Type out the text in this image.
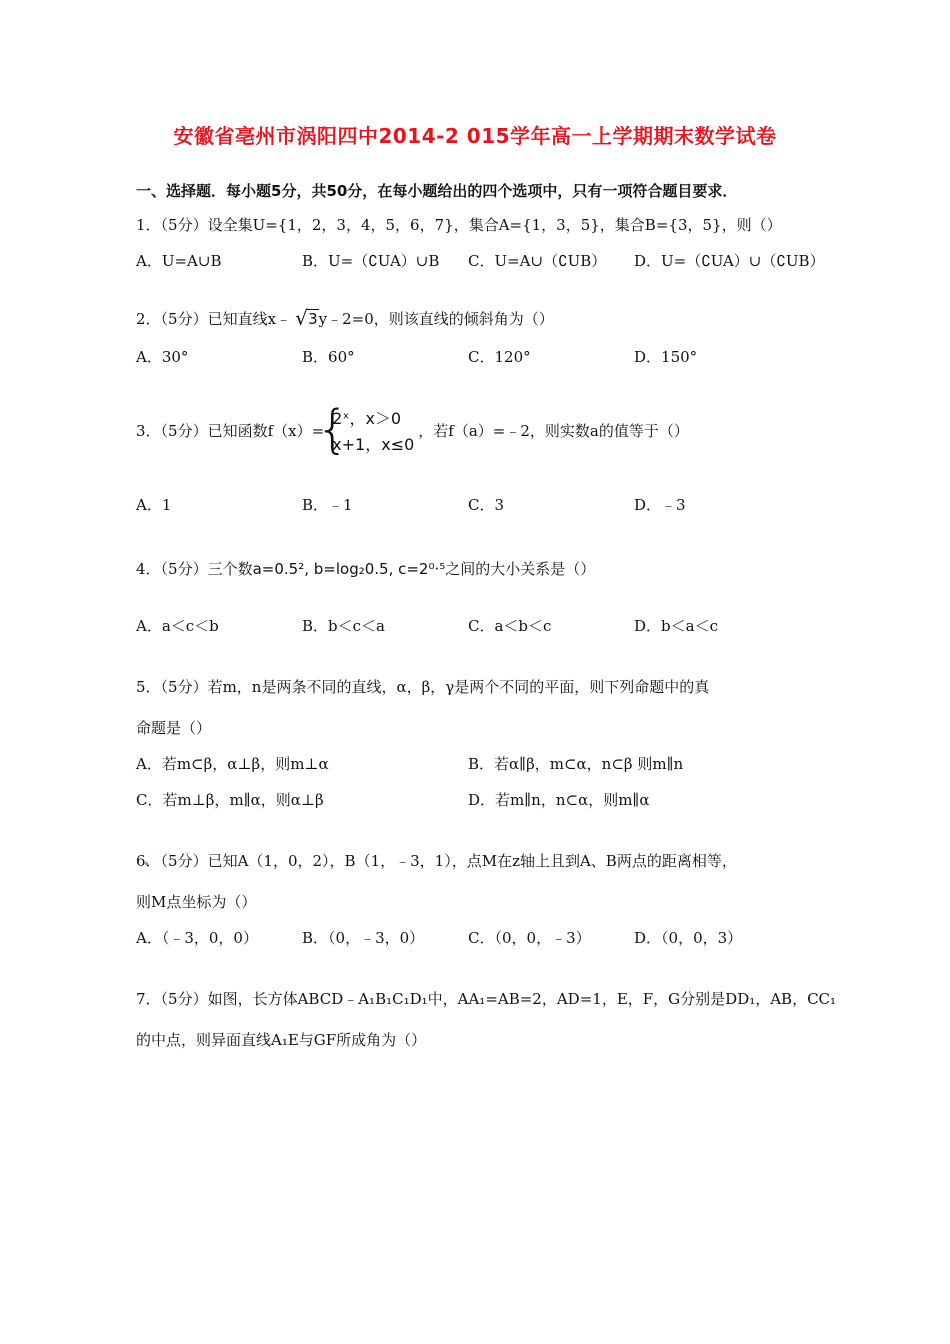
安徽省亳州市涡阳四中2014-2 015学年高一上学期期末数学试卷
一、选择题．每小题5分，共50分，在每小题给出的四个选项中，只有一项符合题目要求．
1．（5分）设全集U={1，2，3，4，5，6，7}，集合A={1，3，5}，集合B={3，5}，则（）
A．U=A∪B	B．U=（∁UA）∪B C．U=A∪（∁UB） D．U=（∁UA）∪（∁UB）
2．（5分）已知直线x﹣ √ 3y﹣2=0，则该直线的倾斜角为（）
A．30°	B．60°	C．120°	D．150°
3．（5分）已知函数f（x）=
{
2ˣ，x＞0
x+1，x≤0
，若f（a）=﹣2，则实数a的值等于（）
A．1	B．﹣1	C．3	D．﹣3
4．（5分）三个数a=0.5², b=log₂0.5, c=2⁰·⁵之间的大小关系是（）
A．a＜c＜b	B．b＜c＜a	C．a＜b＜c	D．b＜a＜c
5．（5分）若m，n是两条不同的直线，α，β，γ是两个不同的平面，则下列命题中的真
命题是（）
A．若m⊂β，α⊥β，则m⊥α	B．若α∥β，m⊂α，n⊂β 则m∥n
C．若m⊥β，m∥α，则α⊥β	D．若m∥n，n⊂α，则m∥α
6．（5分）已知A（1，0，2），B（1，﹣3，1），点M在z轴上且到A、B两点的距离相等，
则M点坐标为（）
A．（﹣3，0，0）	B．（0，﹣3，0）	C．（0，0，﹣3）	D．（0，0，3）
7．（5分）如图，长方体ABCD﹣A₁B₁C₁D₁中，AA₁=AB=2，AD=1，E，F，G分别是DD₁，AB，CC₁
的中点，则异面直线A₁E与GF所成角为（）
